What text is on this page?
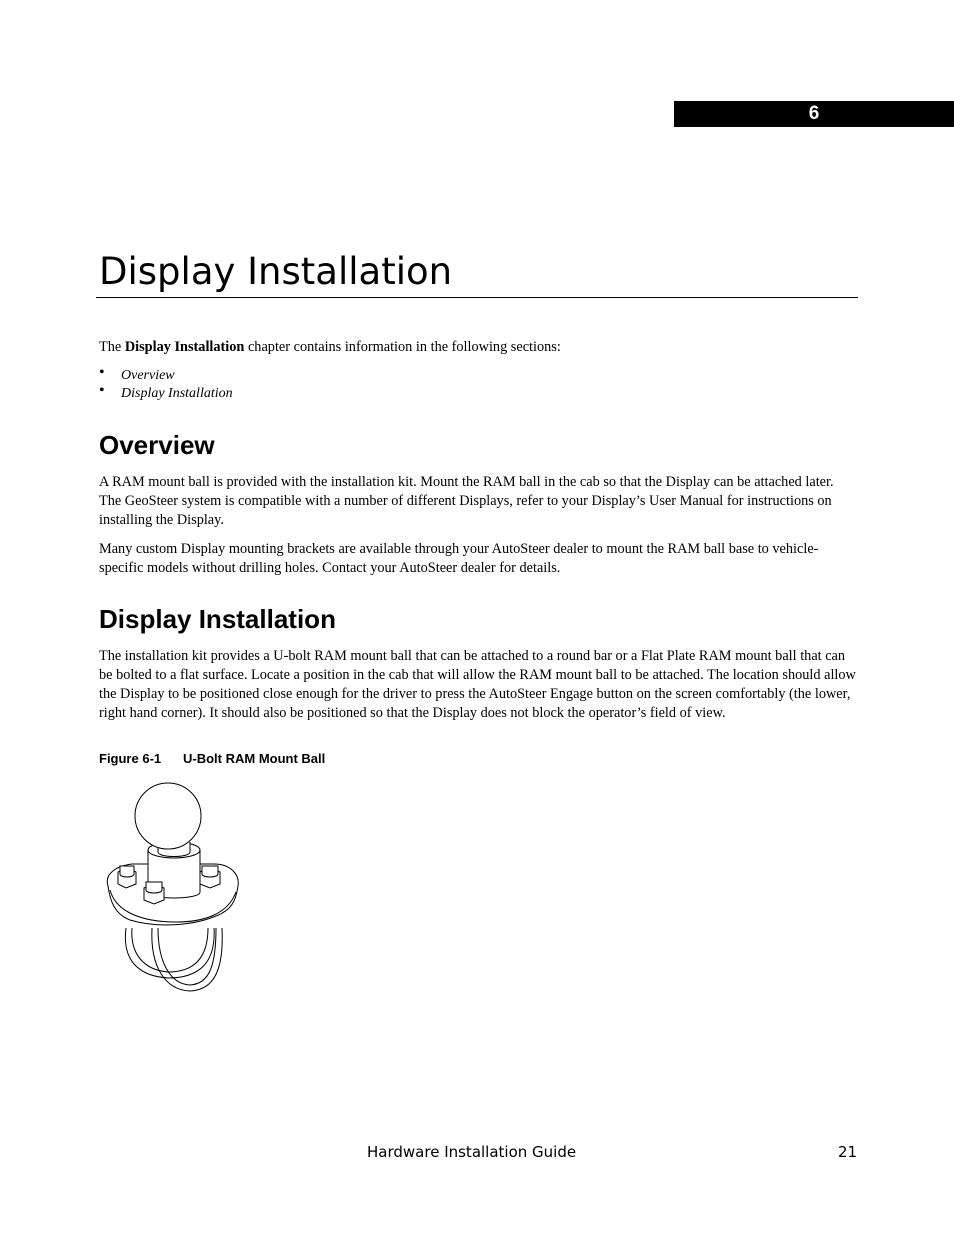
6
Display Installation

The Display Installation chapter contains information in the following sections:

• Overview
• Display Installation
Overview

A RAM mount ball is provided with the installation kit. Mount the RAM ball in the cab so that the Display can be attached later. The GeoSteer system is compatible with a number of different Displays, refer to your Display’s User Manual for instructions on installing the Display.

Many custom Display mounting brackets are available through your AutoSteer dealer to mount the RAM ball base to vehicle-specific models without drilling holes. Contact your AutoSteer dealer for details.

Display Installation

The installation kit provides a U-bolt RAM mount ball that can be attached to a round bar or a Flat Plate RAM mount ball that can be bolted to a flat surface. Locate a position in the cab that will allow the RAM mount ball to be attached. The location should allow the Display to be positioned close enough for the driver to press the AutoSteer Engage button on the screen comfortably (the lower, right hand corner). It should also be positioned so that the Display does not block the operator’s field of view.

Figure 6-1 U-Bolt RAM Mount Ball
Hardware Installation Guide	21
